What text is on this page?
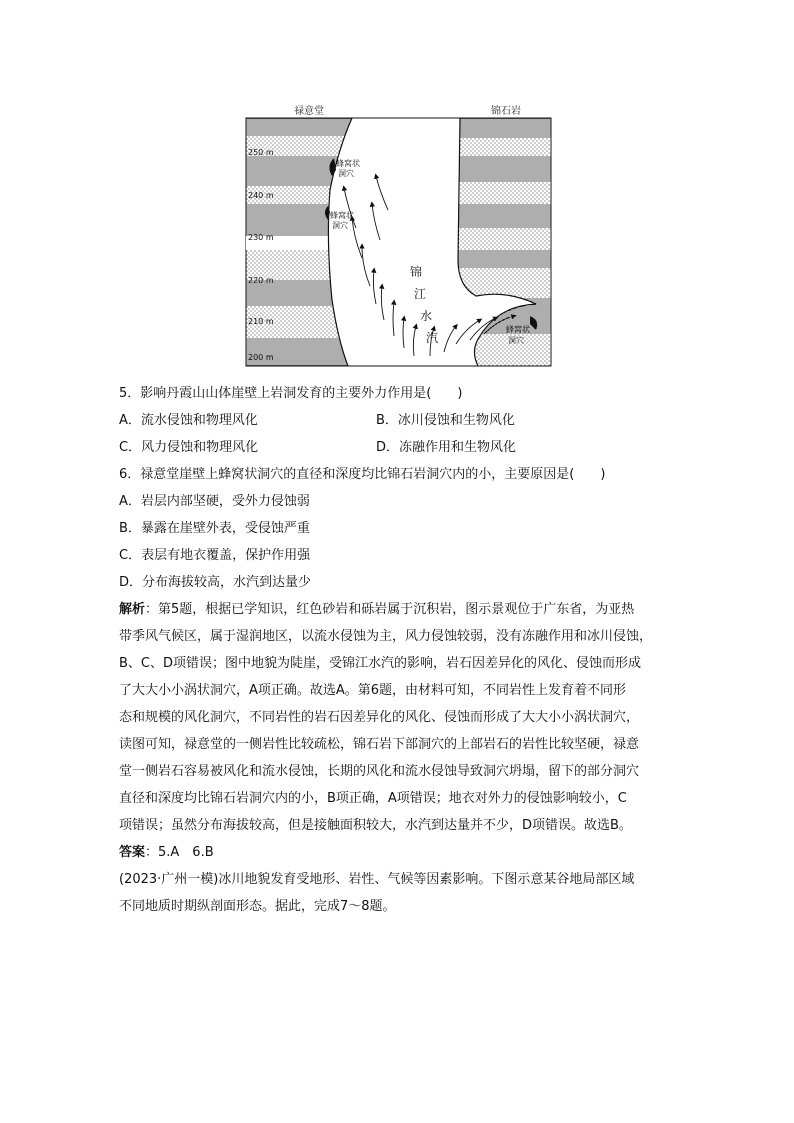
禄意堂	锦石岩
250 m
240 m
230 m
220 m
210 m
200 m
蜂窝状
洞穴
蜂窝状
洞穴
蜂窝状
洞穴
锦
江
水
汽
5．影响丹霞山山体崖壁上岩洞发育的主要外力作用是(　　)
A．流水侵蚀和物理风化	B．冰川侵蚀和生物风化
C．风力侵蚀和物理风化	D．冻融作用和生物风化
6．禄意堂崖壁上蜂窝状洞穴的直径和深度均比锦石岩洞穴内的小，主要原因是(　　)
A．岩层内部坚硬，受外力侵蚀弱
B．暴露在崖壁外表，受侵蚀严重
C．表层有地衣覆盖，保护作用强
D．分布海拔较高，水汽到达量少
解析：第5题，根据已学知识，红色砂岩和砾岩属于沉积岩，图示景观位于广东省，为亚热
带季风气候区，属于湿润地区，以流水侵蚀为主，风力侵蚀较弱，没有冻融作用和冰川侵蚀，
B、C、D项错误；图中地貌为陡崖，受锦江水汽的影响，岩石因差异化的风化、侵蚀而形成
了大大小小涡状洞穴，A项正确。故选A。第6题，由材料可知，不同岩性上发育着不同形
态和规模的风化洞穴，不同岩性的岩石因差异化的风化、侵蚀而形成了大大小小涡状洞穴，
读图可知，禄意堂的一侧岩性比较疏松，锦石岩下部洞穴的上部岩石的岩性比较坚硬，禄意
堂一侧岩石容易被风化和流水侵蚀，长期的风化和流水侵蚀导致洞穴坍塌，留下的部分洞穴
直径和深度均比锦石岩洞穴内的小，B项正确，A项错误；地衣对外力的侵蚀影响较小，C
项错误；虽然分布海拔较高，但是接触面积较大，水汽到达量并不少，D项错误。故选B。
答案：5.A　6.B
(2023·广州一模)冰川地貌发育受地形、岩性、气候等因素影响。下图示意某谷地局部区域
不同地质时期纵剖面形态。据此，完成7～8题。
